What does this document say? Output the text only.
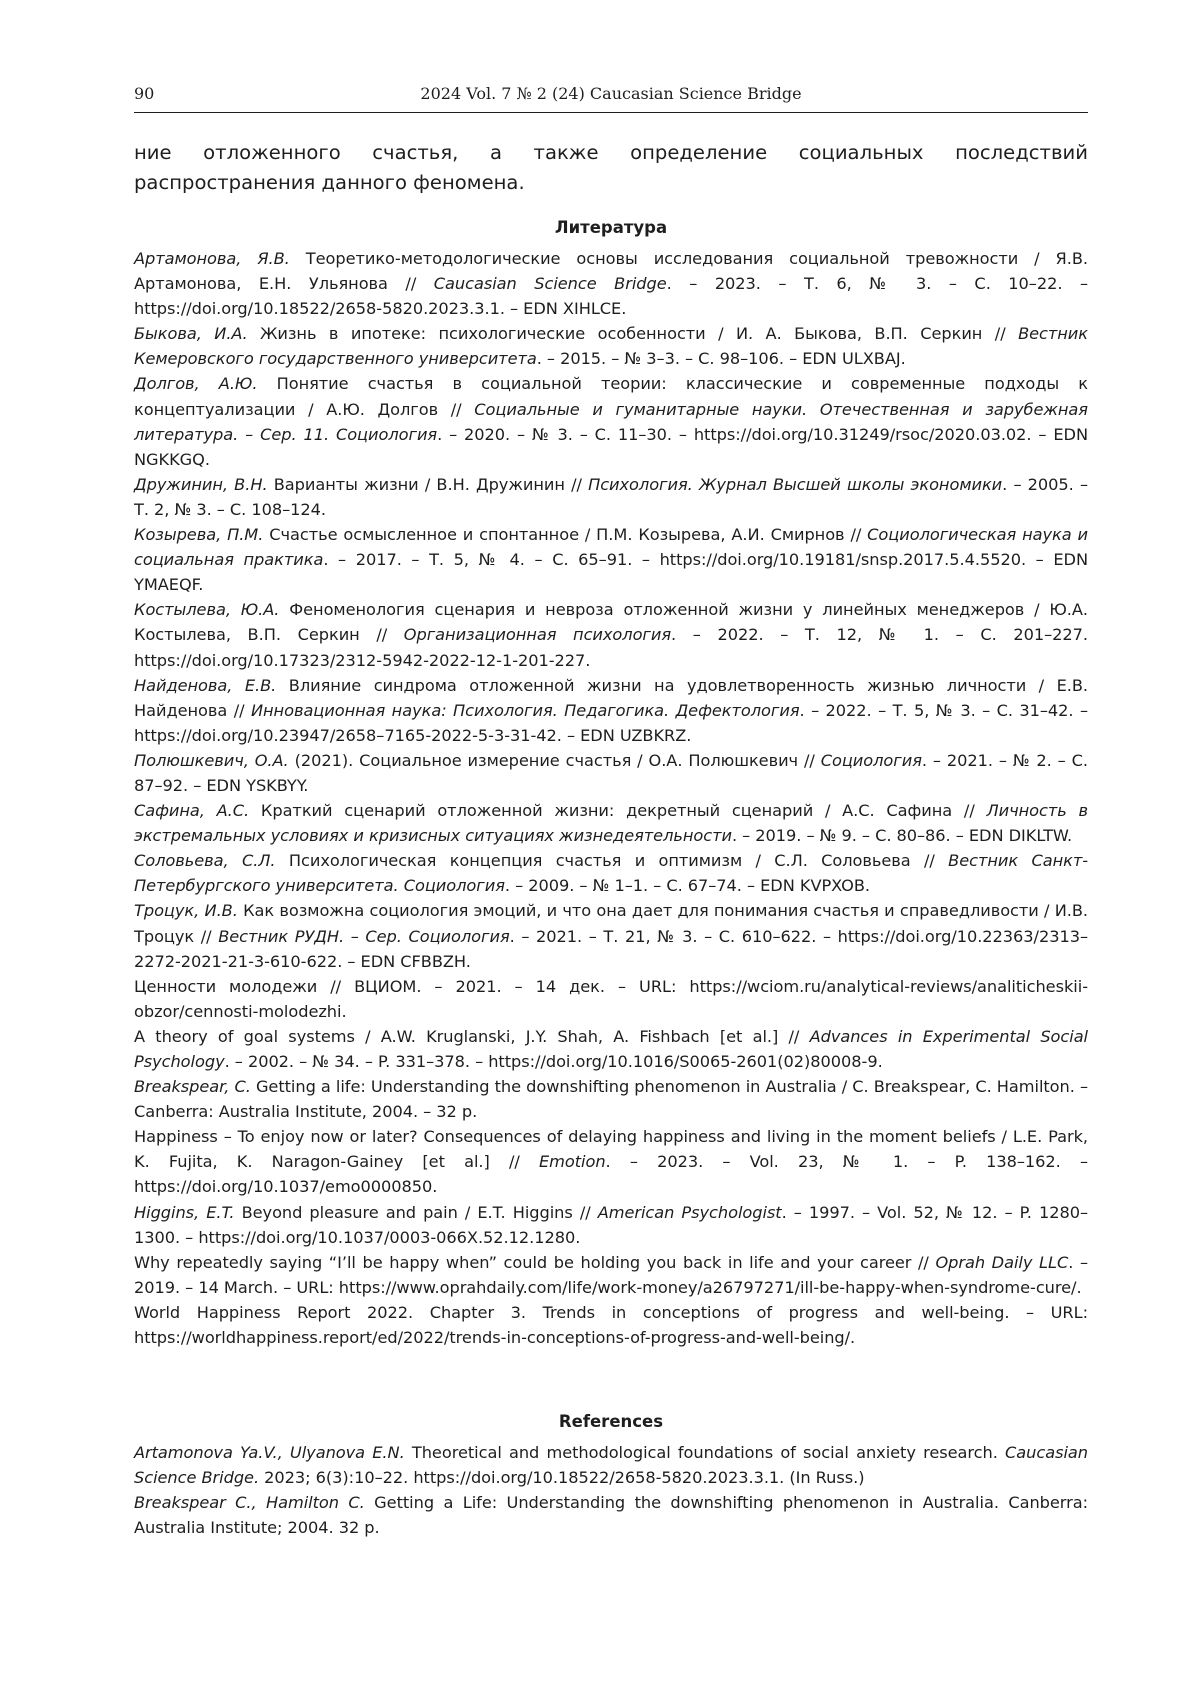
90	2024 Vol. 7 № 2 (24) Caucasian Science Bridge

ние отложенного счастья, а также определение социальных последствий распространения данного феномена.

Литература
Артамонова, Я.В. Теоретико-методологические основы исследования социальной тревожности / Я.В. Артамонова, Е.Н. Ульянова // Caucasian Science Bridge. – 2023. – Т. 6, № 3. – С. 10–22. – https://doi.org/10.18522/2658-5820.2023.3.1. – EDN XIHLCE.
Быкова, И.А. Жизнь в ипотеке: психологические особенности / И. А. Быкова, В.П. Серкин // Вестник Кемеровского государственного университета. – 2015. – № 3–3. – С. 98–106. – EDN ULXBAJ.
Долгов, А.Ю. Понятие счастья в социальной теории: классические и современные подходы к концептуализации / А.Ю. Долгов // Социальные и гуманитарные науки. Отечественная и зарубежная литература. – Сер. 11. Социология. – 2020. – № 3. – С. 11–30. – https://doi.org/10.31249/rsoc/2020.03.02. – EDN NGKKGQ.
Дружинин, В.Н. Варианты жизни / В.Н. Дружинин // Психология. Журнал Высшей школы экономики. – 2005. – Т. 2, № 3. – С. 108–124.
Козырева, П.М. Счастье осмысленное и спонтанное / П.М. Козырева, А.И. Смирнов // Социологическая наука и социальная практика. – 2017. – Т. 5, № 4. – С. 65–91. – https://doi.org/10.19181/snsp.2017.5.4.5520. – EDN YMAEQF.
Костылева, Ю.А. Феноменология сценария и невроза отложенной жизни у линейных менеджеров / Ю.А. Костылева, В.П. Серкин // Организационная психология. – 2022. – Т. 12, № 1. – С. 201–227. https://doi.org/10.17323/2312-5942-2022-12-1-201-227.
Найденова, Е.В. Влияние синдрома отложенной жизни на удовлетворенность жизнью личности / Е.В. Найденова // Инновационная наука: Психология. Педагогика. Дефектология. – 2022. – Т. 5, № 3. – С. 31–42. –https://doi.org/10.23947/2658–7165-2022-5-3-31-42. – EDN UZBKRZ.
Полюшкевич, О.А. (2021). Социальное измерение счастья / О.А. Полюшкевич // Социология. – 2021. – № 2. – С. 87–92. – EDN YSKBYY.
Сафина, А.С. Краткий сценарий отложенной жизни: декретный сценарий / А.С. Сафина // Личность в экстремальных условиях и кризисных ситуациях жизнедеятельности. – 2019. – № 9. – С. 80–86. – EDN DIKLTW.
Соловьева, С.Л. Психологическая концепция счастья и оптимизм / С.Л. Соловьева // Вестник Санкт-Петербургского университета. Социология. – 2009. – № 1–1. – С. 67–74. – EDN KVPXOB.
Троцук, И.В. Как возможна социология эмоций, и что она дает для понимания счастья и справедливости / И.В. Троцук // Вестник РУДН. – Сер. Социология. – 2021. – Т. 21, № 3. – С. 610–622. – https://doi.org/10.22363/2313–2272-2021-21-3-610-622. – EDN CFBBZH.
Ценности молодежи // ВЦИОМ. – 2021. – 14 дек. – URL: https://wciom.ru/analytical-reviews/analiticheskii-obzor/cennosti-molodezhi.
A theory of goal systems / A.W. Kruglanski, J.Y. Shah, A. Fishbach [et al.] // Advances in Experimental Social Psychology. – 2002. – № 34. – P. 331–378. – https://doi.org/10.1016/S0065-2601(02)80008-9.
Breakspear, C. Getting a life: Understanding the downshifting phenomenon in Australia / C. Breakspear, C. Hamilton. – Canberra: Australia Institute, 2004. – 32 p.
Happiness – To enjoy now or later? Consequences of delaying happiness and living in the moment beliefs / L.E. Park, K. Fujita, K. Naragon-Gainey [et al.] // Emotion. – 2023. – Vol. 23, № 1. – P. 138–162. – https://doi.org/10.1037/emo0000850.
Higgins, E.T. Beyond pleasure and pain / E.T. Higgins // American Psychologist. – 1997. – Vol. 52, № 12. – P. 1280–1300. – https://doi.org/10.1037/0003-066X.52.12.1280.
Why repeatedly saying “I’ll be happy when” could be holding you back in life and your career // Oprah Daily LLC. – 2019. – 14 March. – URL: https://www.oprahdaily.com/life/work-money/a26797271/ill-be-happy-when-syndrome-cure/.
World Happiness Report 2022. Chapter 3. Trends in conceptions of progress and well-being. – URL: https://worldhappiness.report/ed/2022/trends-in-conceptions-of-progress-and-well-being/.
References
Artamonova Ya.V., Ulyanova E.N. Theoretical and methodological foundations of social anxiety research. Caucasian Science Bridge. 2023; 6(3):10–22. https://doi.org/10.18522/2658-5820.2023.3.1. (In Russ.)
Breakspear C., Hamilton C. Getting a Life: Understanding the downshifting phenomenon in Australia. Canberra: Australia Institute; 2004. 32 p.
